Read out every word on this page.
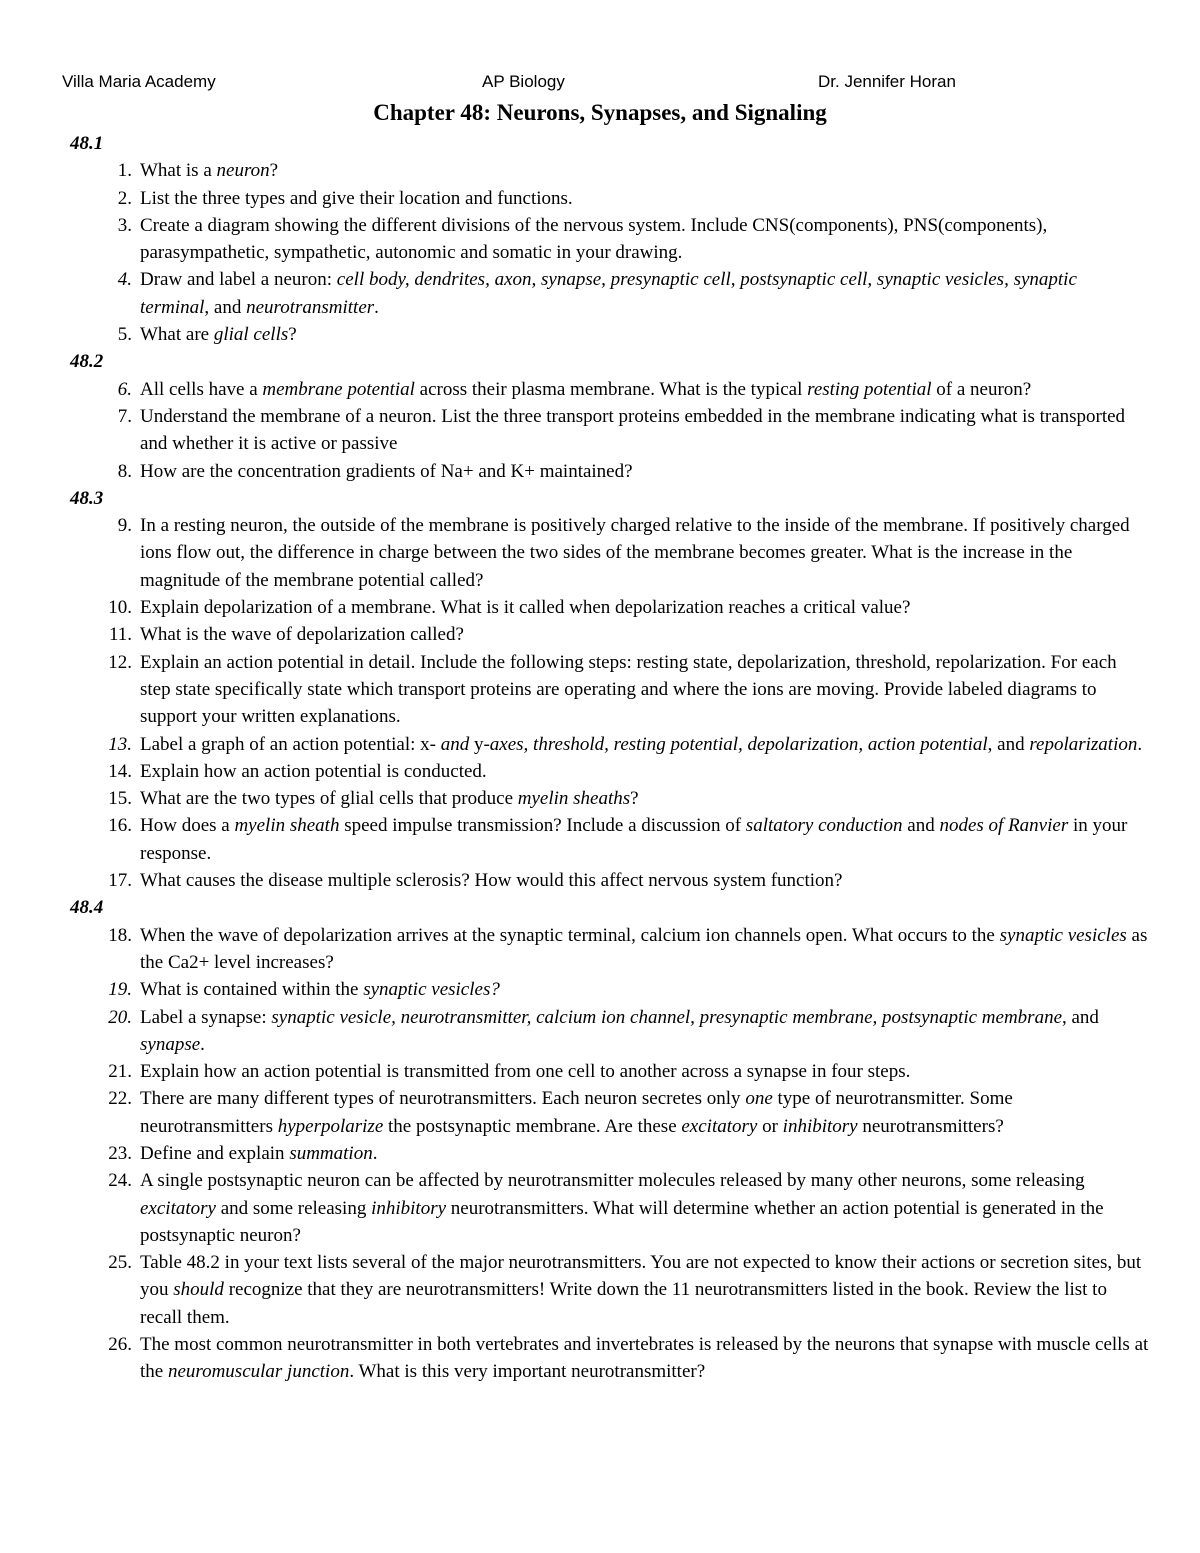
Villa Maria Academy	AP Biology	Dr. Jennifer Horan
Chapter 48: Neurons, Synapses, and Signaling
48.1
1. What is a neuron?
2. List the three types and give their location and functions.
3. Create a diagram showing the different divisions of the nervous system. Include CNS(components), PNS(components), parasympathetic, sympathetic, autonomic and somatic in your drawing.
4. Draw and label a neuron: cell body, dendrites, axon, synapse, presynaptic cell, postsynaptic cell, synaptic vesicles, synaptic terminal, and neurotransmitter.
5. What are glial cells?
48.2
6. All cells have a membrane potential across their plasma membrane. What is the typical resting potential of a neuron?
7. Understand the membrane of a neuron. List the three transport proteins embedded in the membrane indicating what is transported and whether it is active or passive
8. How are the concentration gradients of Na+ and K+ maintained?
48.3
9. In a resting neuron, the outside of the membrane is positively charged relative to the inside of the membrane. If positively charged ions flow out, the difference in charge between the two sides of the membrane becomes greater. What is the increase in the magnitude of the membrane potential called?
10. Explain depolarization of a membrane. What is it called when depolarization reaches a critical value?
11. What is the wave of depolarization called?
12. Explain an action potential in detail. Include the following steps: resting state, depolarization, threshold, repolarization. For each step state specifically state which transport proteins are operating and where the ions are moving. Provide labeled diagrams to support your written explanations.
13. Label a graph of an action potential: x- and y-axes, threshold, resting potential, depolarization, action potential, and repolarization.
14. Explain how an action potential is conducted.
15. What are the two types of glial cells that produce myelin sheaths?
16. How does a myelin sheath speed impulse transmission? Include a discussion of saltatory conduction and nodes of Ranvier in your response.
17. What causes the disease multiple sclerosis? How would this affect nervous system function?
48.4
18. When the wave of depolarization arrives at the synaptic terminal, calcium ion channels open. What occurs to the synaptic vesicles as the Ca2+ level increases?
19. What is contained within the synaptic vesicles?
20. Label a synapse: synaptic vesicle, neurotransmitter, calcium ion channel, presynaptic membrane, postsynaptic membrane, and synapse.
21. Explain how an action potential is transmitted from one cell to another across a synapse in four steps.
22. There are many different types of neurotransmitters. Each neuron secretes only one type of neurotransmitter. Some neurotransmitters hyperpolarize the postsynaptic membrane. Are these excitatory or inhibitory neurotransmitters?
23. Define and explain summation.
24. A single postsynaptic neuron can be affected by neurotransmitter molecules released by many other neurons, some releasing excitatory and some releasing inhibitory neurotransmitters. What will determine whether an action potential is generated in the postsynaptic neuron?
25. Table 48.2 in your text lists several of the major neurotransmitters. You are not expected to know their actions or secretion sites, but you should recognize that they are neurotransmitters! Write down the 11 neurotransmitters listed in the book. Review the list to recall them.
26. The most common neurotransmitter in both vertebrates and invertebrates is released by the neurons that synapse with muscle cells at the neuromuscular junction. What is this very important neurotransmitter?
